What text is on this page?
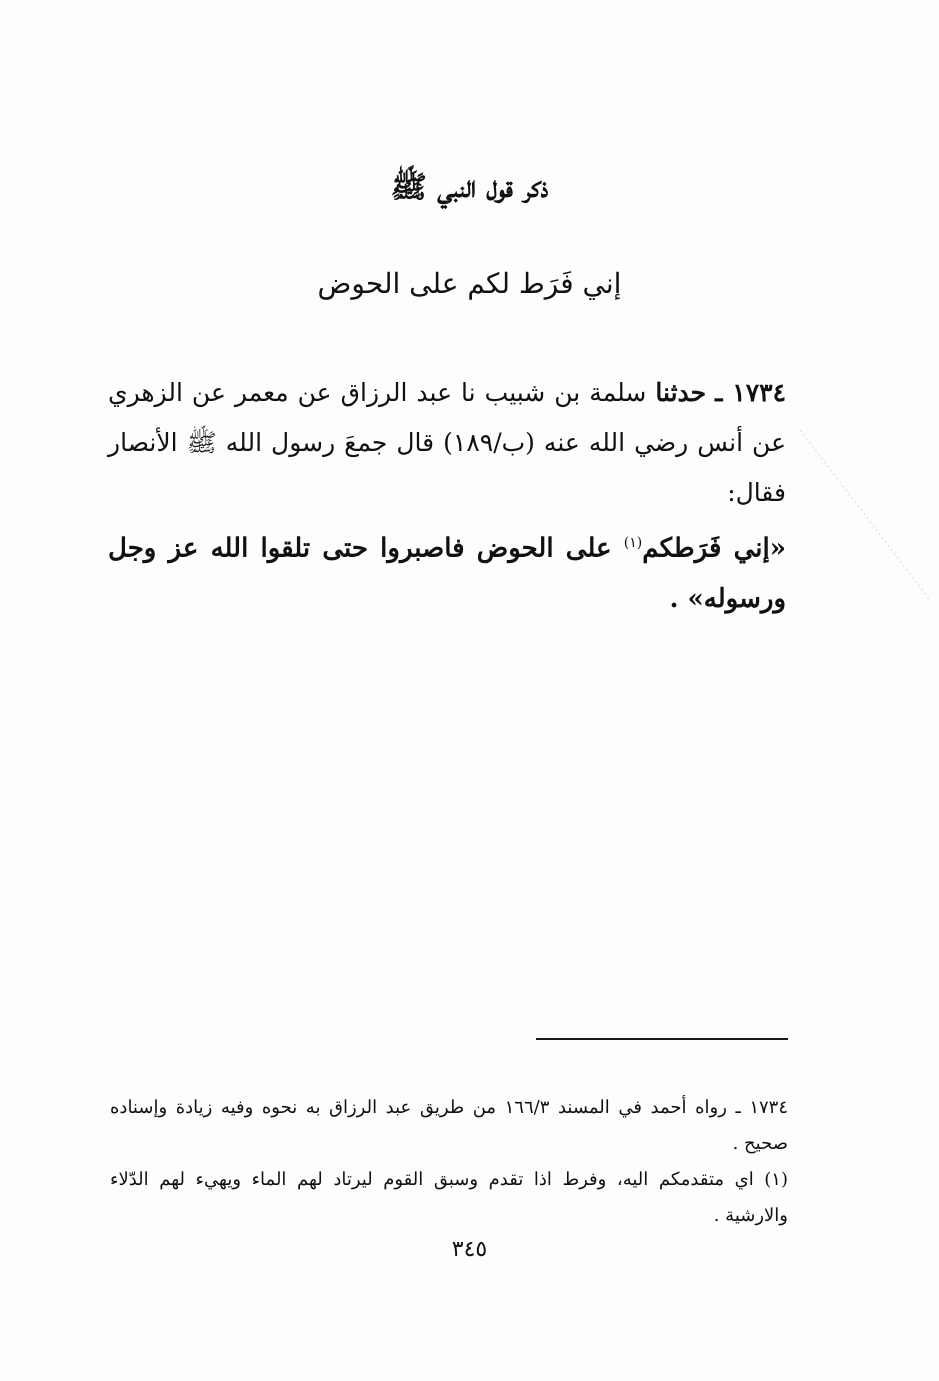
ذكر قول النبي ﷺ
إني فَرَط لكم على الحوض

١٧٣٤ ـ حدثنا سلمة بن شبيب نا عبد الرزاق عن معمر عن الزهري عن أنس رضي الله عنه (ب/١٨٩) قال جمعَ رسول الله ﷺ الأنصار فقال:

«إني فَرَطكم$^{(١)}$ على الحوض فاصبروا حتى تلقوا الله عز وجل ورسوله» .

١٧٣٤ ـ رواه أحمد في المسند ١٦٦/٣ من طريق عبد الرزاق به نحوه وفيه زيادة وإسناده صحيح .

(١) اي متقدمكم اليه، وفرط اذا تقدم وسبق القوم ليرتاد لهم الماء ويهيء لهم الدّلاء والارشية .

٣٤٥
